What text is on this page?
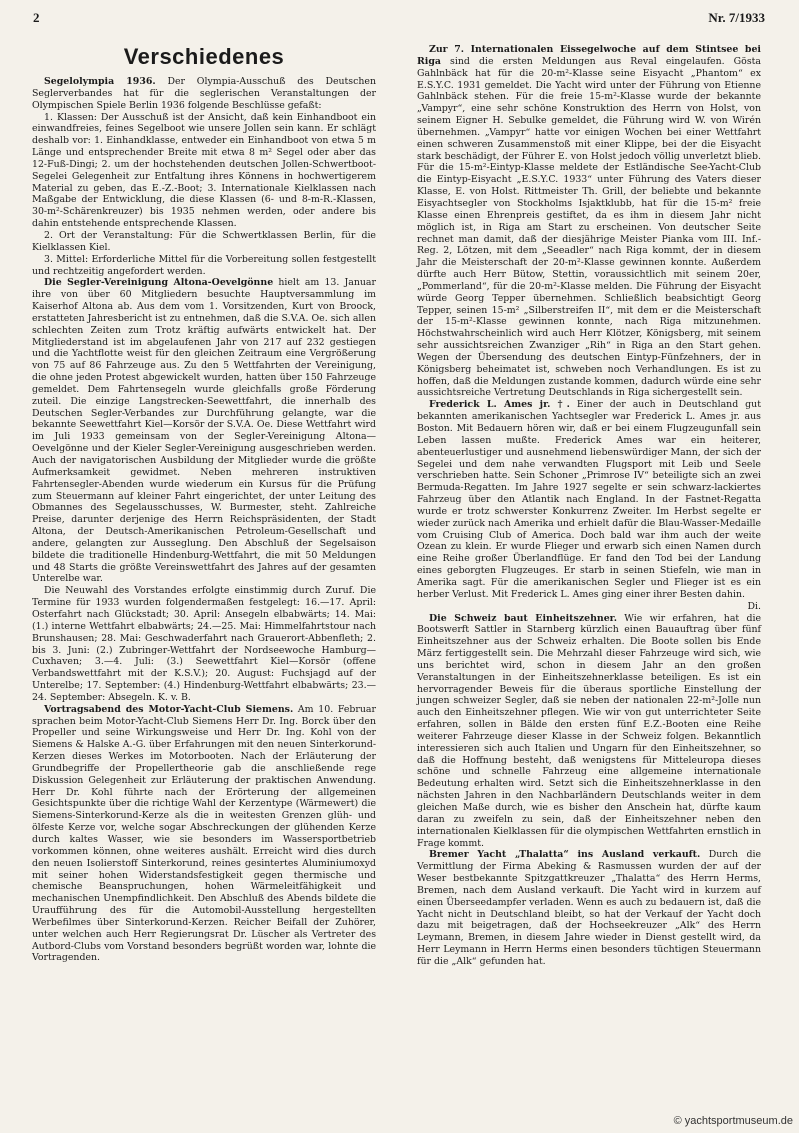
2	Nr. 7/1933
Verschiedenes

Segelolympia 1936. Der Olympia-Ausschuß des Deutschen Seglerverbandes hat für die seglerischen Veranstaltungen der Olympischen Spiele Berlin 1936 folgende Beschlüsse gefaßt:

1. Klassen: Der Ausschuß ist der Ansicht, daß kein Einhandboot ein einwandfreies, feines Segelboot wie unsere Jollen sein kann. Er schlägt deshalb vor: 1. Einhandklasse, entweder ein Einhandboot von etwa 5 m Länge und entsprechender Breite mit etwa 8 m² Segel oder aber das 12-Fuß-Dingi; 2. um der hochstehenden deutschen Jollen-Schwertboot-Segelei Gelegenheit zur Entfaltung ihres Könnens in hochwertigerem Material zu geben, das E.-Z.-Boot; 3. Internationale Kielklassen nach Maßgabe der Entwicklung, die diese Klassen (6- und 8-m-R.-Klassen, 30-m²-Schärenkreuzer) bis 1935 nehmen werden, oder andere bis dahin entstehende entsprechende Klassen.

2. Ort der Veranstaltung: Für die Schwertklassen Berlin, für die Kielklassen Kiel.

3. Mittel: Erforderliche Mittel für die Vorbereitung sollen festgestellt und rechtzeitig angefordert werden.

Die Segler-Vereinigung Altona-Oevelgönne hielt am 13. Januar ihre von über 60 Mitgliedern besuchte Hauptversammlung im Kaiserhof Altona ab. Aus dem vom 1. Vorsitzenden, Kurt von Broock, erstatteten Jahresbericht ist zu entnehmen, daß die S.V.A. Oe. sich allen schlechten Zeiten zum Trotz kräftig aufwärts entwickelt hat. Der Mitgliederstand ist im abgelaufenen Jahr von 217 auf 232 gestiegen und die Yachtflotte weist für den gleichen Zeitraum eine Vergrößerung von 75 auf 86 Fahrzeuge aus. Zu den 5 Wettfahrten der Vereinigung, die ohne jeden Protest abgewickelt wurden, hatten über 150 Fahrzeuge gemeldet. Dem Fahrtensegeln wurde gleichfalls große Förderung zuteil. Die einzige Langstrecken-Seewettfahrt, die innerhalb des Deutschen Segler-Verbandes zur Durchführung gelangte, war die bekannte Seewettfahrt Kiel—Korsör der S.V.A. Oe. Diese Wettfahrt wird im Juli 1933 gemeinsam von der Segler-Vereinigung Altona—Oevelgönne und der Kieler Segler-Vereinigung ausgeschrieben werden. Auch der navigatorischen Ausbildung der Mitglieder wurde die größte Aufmerksamkeit gewidmet. Neben mehreren instruktiven Fahrtensegler-Abenden wurde wiederum ein Kursus für die Prüfung zum Steuermann auf kleiner Fahrt eingerichtet, der unter Leitung des Obmannes des Segelausschusses, W. Burmester, steht. Zahlreiche Preise, darunter derjenige des Herrn Reichspräsidenten, der Stadt Altona, der Deutsch-Amerikanischen Petroleum-Gesellschaft und andere, gelangten zur Ausseglung. Den Abschluß der Segelsaison bildete die traditionelle Hindenburg-Wettfahrt, die mit 50 Meldungen und 48 Starts die größte Vereinswettfahrt des Jahres auf der gesamten Unterelbe war.

Die Neuwahl des Vorstandes erfolgte einstimmig durch Zuruf. Die Termine für 1933 wurden folgendermaßen festgelegt: 16.—17. April: Osterfahrt nach Glückstadt; 30. April: Ansegeln elbabwärts; 14. Mai: (1.) interne Wettfahrt elbabwärts; 24.—25. Mai: Himmelfahrtstour nach Brunshausen; 28. Mai: Geschwaderfahrt nach Grauerort-Abbenfleth; 2. bis 3. Juni: (2.) Zubringer-Wettfahrt der Nordseewoche Hamburg—Cuxhaven; 3.—4. Juli: (3.) Seewettfahrt Kiel—Korsör (offene Verbandswettfahrt mit der K.S.V.); 20. August: Fuchsjagd auf der Unterelbe; 17. September: (4.) Hindenburg-Wettfahrt elbabwärts; 23.—24. September: Absegeln. K. v. B.

Vortragsabend des Motor-Yacht-Club Siemens. Am 10. Februar sprachen beim Motor-Yacht-Club Siemens Herr Dr. Ing. Borck über den Propeller und seine Wirkungsweise und Herr Dr. Ing. Kohl von der Siemens & Halske A.-G. über Erfahrungen mit den neuen Sinterkorund-Kerzen dieses Werkes im Motorbooten. Nach der Erläuterung der Grundbegriffe der Propellertheorie gab die anschließende rege Diskussion Gelegenheit zur Erläuterung der praktischen Anwendung. Herr Dr. Kohl führte nach der Erörterung der allgemeinen Gesichtspunkte über die richtige Wahl der Kerzentype (Wärmewert) die Siemens-Sinterkorund-Kerze als die in weitesten Grenzen glüh- und ölfeste Kerze vor, welche sogar Abschreckungen der glühenden Kerze durch kaltes Wasser, wie sie besonders im Wassersportbetrieb vorkommen können, ohne weiteres aushält. Erreicht wird dies durch den neuen Isolierstoff Sinterkorund, reines gesintertes Aluminiumoxyd mit seiner hohen Widerstandsfestigkeit gegen thermische und chemische Beanspruchungen, hohen Wärmeleitfähigkeit und mechanischen Unempfindlichkeit. Den Abschluß des Abends bildete die Uraufführung des für die Automobil-Ausstellung hergestellten Werbefilmes über Sinterkorund-Kerzen. Reicher Beifall der Zuhörer, unter welchen auch Herr Regierungsrat Dr. Lüscher als Vertreter des Autbord-Clubs vom Vorstand besonders begrüßt worden war, lohnte die Vortragenden.

Zur 7. Internationalen Eissegelwoche auf dem Stintsee bei Riga sind die ersten Meldungen aus Reval eingelaufen. Gösta Gahlnbäck hat für die 20-m²-Klasse seine Eisyacht „Phantom“ ex E.S.Y.C. 1931 gemeldet. Die Yacht wird unter der Führung von Etienne Gahlnbäck stehen. Für die freie 15-m²-Klasse wurde der bekannte „Vampyr“, eine sehr schöne Konstruktion des Herrn von Holst, von seinem Eigner H. Sebulke gemeldet, die Führung wird W. von Wirén übernehmen. „Vampyr“ hatte vor einigen Wochen bei einer Wettfahrt einen schweren Zusammenstoß mit einer Klippe, bei der die Eisyacht stark beschädigt, der Führer E. von Holst jedoch völlig unverletzt blieb. Für die 15-m²-Eintyp-Klasse meldete der Estländische See-Yacht-Club die Eintyp-Eisyacht „E.S.Y.C. 1933“ unter Führung des Vaters dieser Klasse, E. von Holst. Rittmeister Th. Grill, der beliebte und bekannte Eisyachtsegler von Stockholms Isjaktklubb, hat für die 15-m² freie Klasse einen Ehrenpreis gestiftet, da es ihm in diesem Jahr nicht möglich ist, in Riga am Start zu erscheinen. Von deutscher Seite rechnet man damit, daß der diesjährige Meister Pianka vom III. Inf.-Reg. 2, Lötzen, mit dem „Seeadler“ nach Riga kommt, der in diesem Jahr die Meisterschaft der 20-m²-Klasse gewinnen konnte. Außerdem dürfte auch Herr Bütow, Stettin, voraussichtlich mit seinem 20er, „Pommerland“, für die 20-m²-Klasse melden. Die Führung der Eisyacht würde Georg Tepper übernehmen. Schließlich beabsichtigt Georg Tepper, seinen 15-m² „Silberstreifen II“, mit dem er die Meisterschaft der 15-m²-Klasse gewinnen konnte, nach Riga mitzunehmen. Höchstwahrscheinlich wird auch Herr Klötzer, Königsberg, mit seinem sehr aussichtsreichen Zwanziger „Rih“ in Riga an den Start gehen. Wegen der Übersendung des deutschen Eintyp-Fünfzehners, der in Königsberg beheimatet ist, schweben noch Verhandlungen. Es ist zu hoffen, daß die Meldungen zustande kommen, dadurch würde eine sehr aussichtsreiche Vertretung Deutschlands in Riga sichergestellt sein.

Frederick L. Ames jr. †. Einer der auch in Deutschland gut bekannten amerikanischen Yachtsegler war Frederick L. Ames jr. aus Boston. Mit Bedauern hören wir, daß er bei einem Flugzeugunfall sein Leben lassen mußte. Frederick Ames war ein heiterer, abenteuerlustiger und ausnehmend liebenswürdiger Mann, der sich der Segelei und dem nahe verwandten Flugsport mit Leib und Seele verschrieben hatte. Sein Schoner „Primrose IV“ beteiligte sich an zwei Bermuda-Regatten. Im Jahre 1927 segelte er sein schwarz-lackiertes Fahrzeug über den Atlantik nach England. In der Fastnet-Regatta wurde er trotz schwerster Konkurrenz Zweiter. Im Herbst segelte er wieder zurück nach Amerika und erhielt dafür die Blau-Wasser-Medaille vom Cruising Club of America. Doch bald war ihm auch der weite Ozean zu klein. Er wurde Flieger und erwarb sich einen Namen durch eine Reihe großer Überlandflüge. Er fand den Tod bei der Landung eines geborgten Flugzeuges. Er starb in seinen Stiefeln, wie man in Amerika sagt. Für die amerikanischen Segler und Flieger ist es ein herber Verlust. Mit Frederick L. Ames ging einer ihrer Besten dahin.

Di.

Die Schweiz baut Einheitszehner. Wie wir erfahren, hat die Bootswerft Sattler in Starnberg kürzlich einen Bauauftrag über fünf Einheitszehner aus der Schweiz erhalten. Die Boote sollen bis Ende März fertiggestellt sein. Die Mehrzahl dieser Fahrzeuge wird sich, wie uns berichtet wird, schon in diesem Jahr an den großen Veranstaltungen in der Einheitszehnerklasse beteiligen. Es ist ein hervorragender Beweis für die überaus sportliche Einstellung der jungen schweizer Segler, daß sie neben der nationalen 22-m²-Jolle nun auch den Einheitszehner pflegen. Wie wir von gut unterrichteter Seite erfahren, sollen in Bälde den ersten fünf E.Z.-Booten eine Reihe weiterer Fahrzeuge dieser Klasse in der Schweiz folgen. Bekanntlich interessieren sich auch Italien und Ungarn für den Einheitszehner, so daß die Hoffnung besteht, daß wenigstens für Mitteleuropa dieses schöne und schnelle Fahrzeug eine allgemeine internationale Bedeutung erhalten wird. Setzt sich die Einheitszehnerklasse in den nächsten Jahren in den Nachbarländern Deutschlands weiter in dem gleichen Maße durch, wie es bisher den Anschein hat, dürfte kaum daran zu zweifeln zu sein, daß der Einheitszehner neben den internationalen Kielklassen für die olympischen Wettfahrten ernstlich in Frage kommt.

Bremer Yacht „Thalatta“ ins Ausland verkauft. Durch die Vermittlung der Firma Abeking & Rasmussen wurden der auf der Weser bestbekannte Spitzgattkreuzer „Thalatta“ des Herrn Herms, Bremen, nach dem Ausland verkauft. Die Yacht wird in kurzem auf einen Überseedampfer verladen. Wenn es auch zu bedauern ist, daß die Yacht nicht in Deutschland bleibt, so hat der Verkauf der Yacht doch dazu mit beigetragen, daß der Hochseekreuzer „Alk“ des Herrn Leymann, Bremen, in diesem Jahre wieder in Dienst gestellt wird, da Herr Leymann in Herrn Herms einen besonders tüchtigen Steuermann für die „Alk“ gefunden hat.

© yachtsportmuseum.de
